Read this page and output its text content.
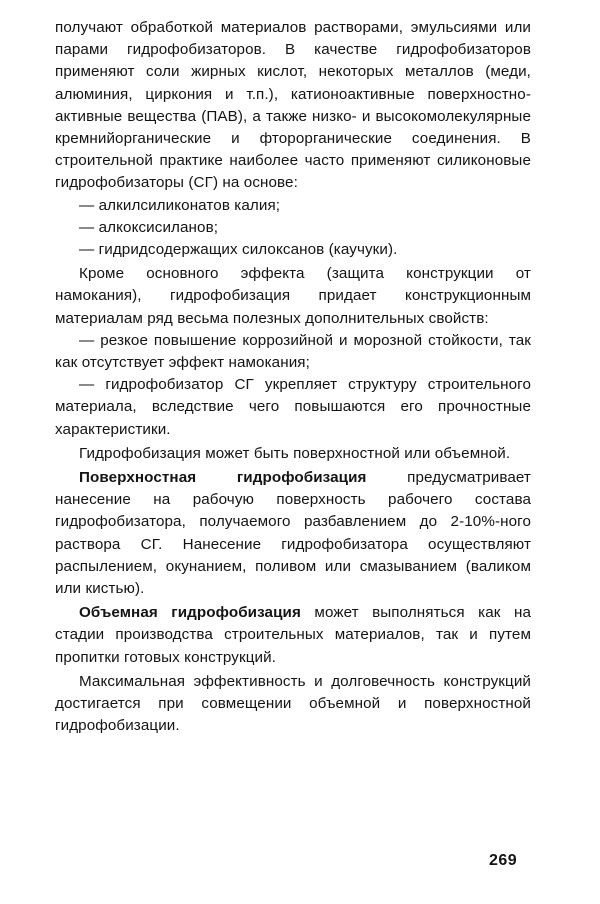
получают обработкой материалов растворами, эмульсиями или парами гидрофобизаторов. В качестве гидрофобизаторов применяют соли жирных кислот, некоторых металлов (меди, алюминия, циркония и т.п.), катионоактивные поверхностно-активные вещества (ПАВ), а также низко- и высокомолекулярные кремнийорганические и фторорганические соединения. В строительной практике наиболее часто применяют силиконовые гидрофобизаторы (СГ) на основе:

— алкилсиликонатов калия;

— алкоксисиланов;

— гидридсодержащих силоксанов (каучуки).

Кроме основного эффекта (защита конструкции от намокания), гидрофобизация придает конструкционным материалам ряд весьма полезных дополнительных свойств:

— резкое повышение коррозийной и морозной стойкости, так как отсутствует эффект намокания;

— гидрофобизатор СГ укрепляет структуру строительного материала, вследствие чего повышаются его прочностные характеристики.

Гидрофобизация может быть поверхностной или объемной.

Поверхностная гидрофобизация предусматривает нанесение на рабочую поверхность рабочего состава гидрофобизатора, получаемого разбавлением до 2-10%-ного раствора СГ. Нанесение гидрофобизатора осуществляют распылением, окунанием, поливом или смазыванием (валиком или кистью).

Объемная гидрофобизация может выполняться как на стадии производства строительных материалов, так и путем пропитки готовых конструкций.

Максимальная эффективность и долговечность конструкций достигается при совмещении объемной и поверхностной гидрофобизации.

269
